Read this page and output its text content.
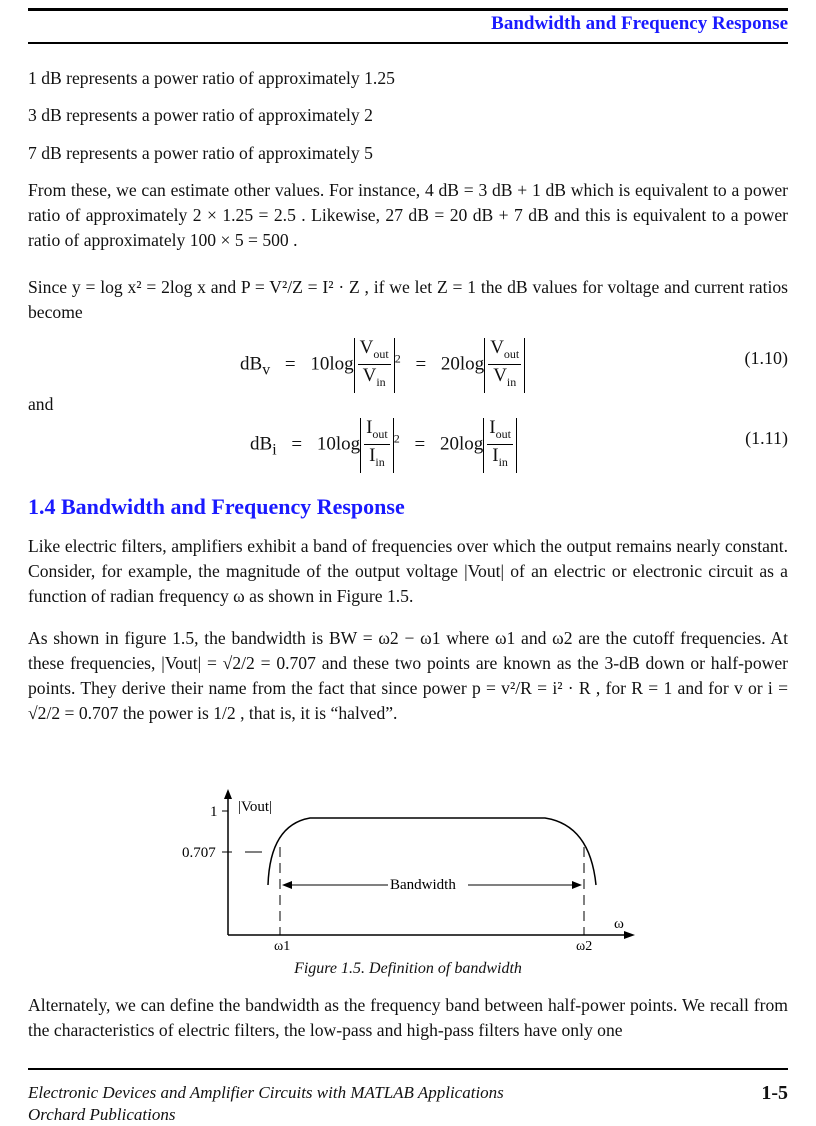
Bandwidth and Frequency Response

1 dB represents a power ratio of approximately 1.25

3 dB represents a power ratio of approximately 2

7 dB represents a power ratio of approximately 5

From these, we can estimate other values. For instance, 4 dB = 3 dB + 1 dB which is equivalent to a power ratio of approximately 2 × 1.25 = 2.5 . Likewise, 27 dB = 20 dB + 7 dB and this is equivalent to a power ratio of approximately 100 × 5 = 500 .

Since y = log x² = 2log x and P = V²/Z = I² · Z , if we let Z = 1 the dB values for voltage and current ratios become

$dB_v = 10\log \frac{V_{out}}{V_{in}} ^2 = 20\log \frac{V_{out}}{V_{in}}$	(1.10)

and

$dB_i = 10\log \frac{I_{out}}{I_{in}} ^2 = 20\log \frac{I_{out}}{I_{in}}$	(1.11)
1.4 Bandwidth and Frequency Response

Like electric filters, amplifiers exhibit a band of frequencies over which the output remains nearly constant. Consider, for example, the magnitude of the output voltage |Vout| of an electric or electronic circuit as a function of radian frequency ω as shown in Figure 1.5.

As shown in figure 1.5, the bandwidth is BW = ω2 − ω1 where ω1 and ω2 are the cutoff frequencies. At these frequencies, |Vout| = √2/2 = 0.707 and these two points are known as the 3-dB down or half-power points. They derive their name from the fact that since power p = v²/R = i² · R , for R = 1 and for v or i = √2/2 = 0.707 the power is 1/2 , that is, it is “halved”.

|Vout|
1
0.707
Bandwidth
ω
ω1	ω2
Figure 1.5. Definition of bandwidth

Alternately, we can define the bandwidth as the frequency band between half-power points. We recall from the characteristics of electric filters, the low-pass and high-pass filters have only one

Electronic Devices and Amplifier Circuits with MATLAB Applications
Orchard Publications
1-5
